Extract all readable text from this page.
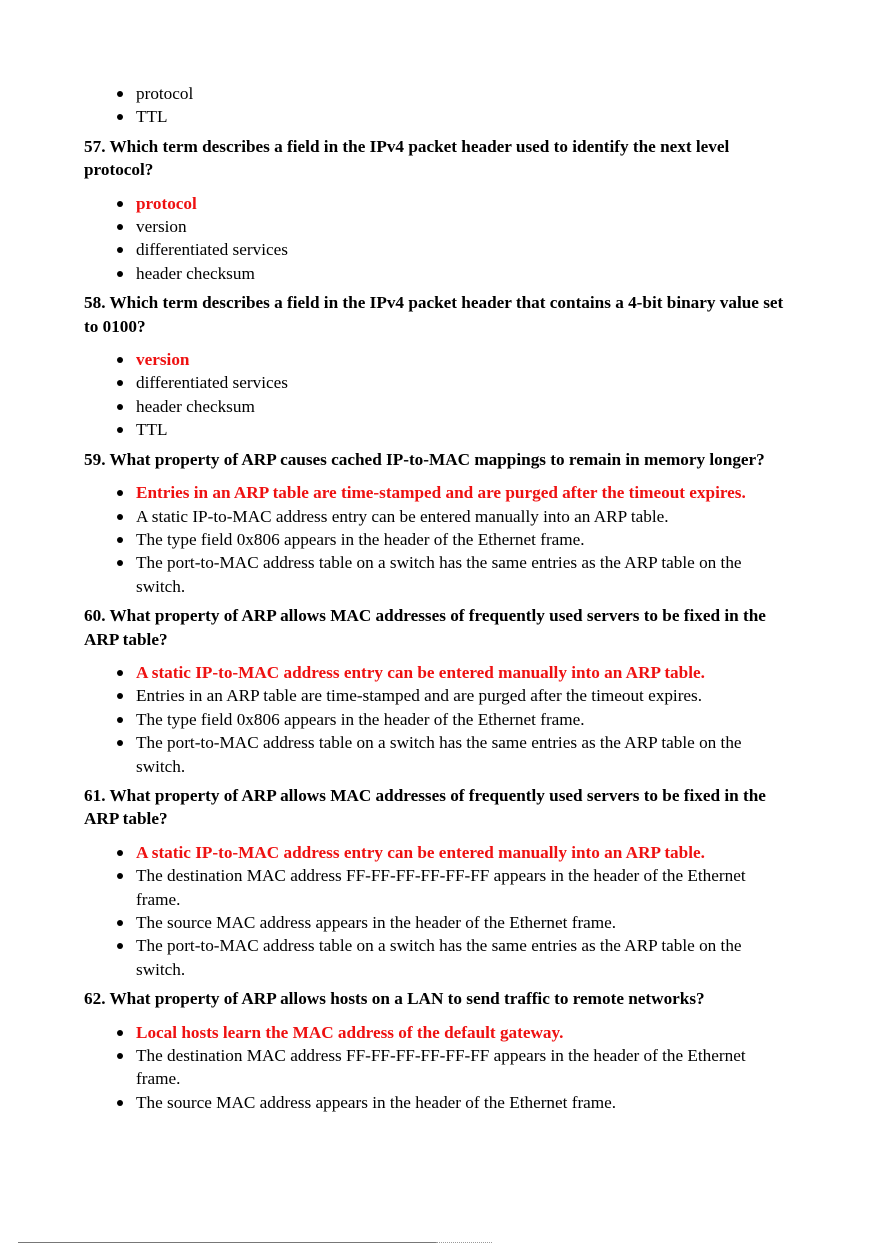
protocol
TTL
57. Which term describes a field in the IPv4 packet header used to identify the next level protocol?
protocol
version
differentiated services
header checksum
58. Which term describes a field in the IPv4 packet header that contains a 4-bit binary value set to 0100?
version
differentiated services
header checksum
TTL
59. What property of ARP causes cached IP-to-MAC mappings to remain in memory longer?
Entries in an ARP table are time-stamped and are purged after the timeout expires.
A static IP-to-MAC address entry can be entered manually into an ARP table.
The type field 0x806 appears in the header of the Ethernet frame.
The port-to-MAC address table on a switch has the same entries as the ARP table on the switch.
60. What property of ARP allows MAC addresses of frequently used servers to be fixed in the ARP table?
A static IP-to-MAC address entry can be entered manually into an ARP table.
Entries in an ARP table are time-stamped and are purged after the timeout expires.
The type field 0x806 appears in the header of the Ethernet frame.
The port-to-MAC address table on a switch has the same entries as the ARP table on the switch.
61. What property of ARP allows MAC addresses of frequently used servers to be fixed in the ARP table?
A static IP-to-MAC address entry can be entered manually into an ARP table.
The destination MAC address FF-FF-FF-FF-FF-FF appears in the header of the Ethernet frame.
The source MAC address appears in the header of the Ethernet frame.
The port-to-MAC address table on a switch has the same entries as the ARP table on the switch.
62. What property of ARP allows hosts on a LAN to send traffic to remote networks?
Local hosts learn the MAC address of the default gateway.
The destination MAC address FF-FF-FF-FF-FF-FF appears in the header of the Ethernet frame.
The source MAC address appears in the header of the Ethernet frame.
